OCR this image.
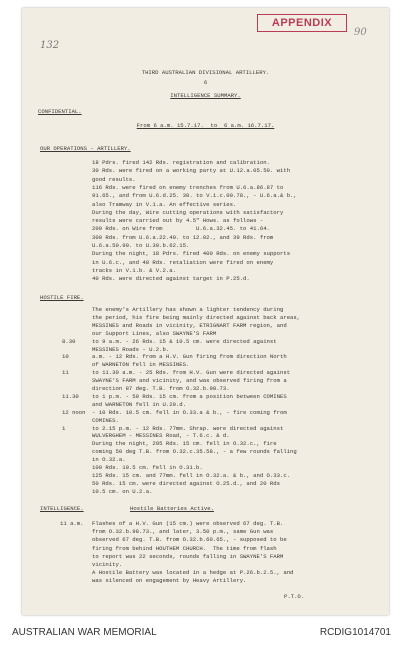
APPENDIX
132
90
THIRD AUSTRALIAN DIVISIONAL ARTILLERY.
6
INTELLIGENCE SUMMARY.
CONFIDENTIAL.
From 6 a.m. 15.7.17.  to  6 a.m. 16.7.17.
OUR OPERATIONS - ARTILLERY.
18 Pdrs. fired 142 Rds. registration and calibration.
30 Rds. were fired on a working party at U.12.a.05.50. with
good results.
116 Rds. were fired on enemy trenches from U.6.a.86.87 to
91.65., and from U.6.d.25. 30. to V.1.c.00.78., - U.6.a.& b.,
also Tramway in V.1.a. An effective series.
During the day, Wire cutting operations with satisfactory
results were carried out by 4.5" Hows. as follows -
200 Rds. on Wire from          U.6.a.32.45. to 41.64.
300 Rds. from U.6.a.22.40. to 12.02., and 39 Rds. from
U.6.a.50.90. to U.30.b.62.15.
During the night, 18 Pdrs. fired 400 Rds. on enemy supports
in U.6.c., and 48 Rds. retaliation were fired on enemy
tracks in V.1.b. & V.2.a.
40 Rds. were directed against target in P.25.d.
HOSTILE FIRE.
The enemy's Artillery has shown a lighter tendency during
the period, his fire being mainly directed against back areas,
MESSINES and Roads in vicinity, ETRIGNART FARM region, and
our Support Lines, also SWAYNE'S FARM
8.30	to 9 a.m. - 26 Rds. 15 & 10.5 cm. were directed against
MESSINES Roads - U.2.b.
10	a.m. - 12 Rds. from a H.V. Gun firing from direction North
of WARNETON fell in MESSINES.
11	to 11.30 a.m. - 25 Rds. from H.V. Gun were directed against
SWAYNE'S FARM and vicinity, and was observed firing from a
direction 87 deg. T.B. from O.32.b.98.73.
11.30 to 1 p.m. - 50 Rds. 15 cm. from a position between COMINES
and WARNETON fell in U.20.d.
12 noon - 10 Rds. 10.5 cm. fell in O.33.a & b., - fire coming from
COMINES.
1	to 2.15 p.m. - 12 Rds. 77mm. Shrap. were directed against
WULVERGHEM - MESSINES Road, - T.6.c. & d.
During the night, 295 Rds. 15 cm. fell in O.32.c., fire
coming 50 deg T.B. from O.32.c.35.58., - a few rounds falling
in O.32.a.
100 Rds. 10.5 cm. fell in O.31.b.
125 Rds. 15 cm. and 77mm. fell in O.32.a. & b., and O.33.c.
50 Rds. 15 cm. were directed against O.25.d., and 20 Rds
10.5 cm. on U.2.a.
INTELLIGENCE.	Hostile Batteries Active.
11 a.m. Flashes of a H.V. Gun (15 cm.) were observed 67 deg. T.B.
from O.32.b.98.73., and later, 3.50 p.m., same Gun was
observed 67 deg. T.B. from O.32.b.60.65., - supposed to be
firing from behind HOUTHEM CHURCH.  The time from flash
to report was 22 seconds, rounds falling in SWAYNE'S FARM
vicinity.
A Hostile Battery was located in a hedge at P.26.b.2.5., and
was silenced on engagement by Heavy Artillery.
P.T.O.
AUSTRALIAN WAR MEMORIAL	RCDIG1014701
